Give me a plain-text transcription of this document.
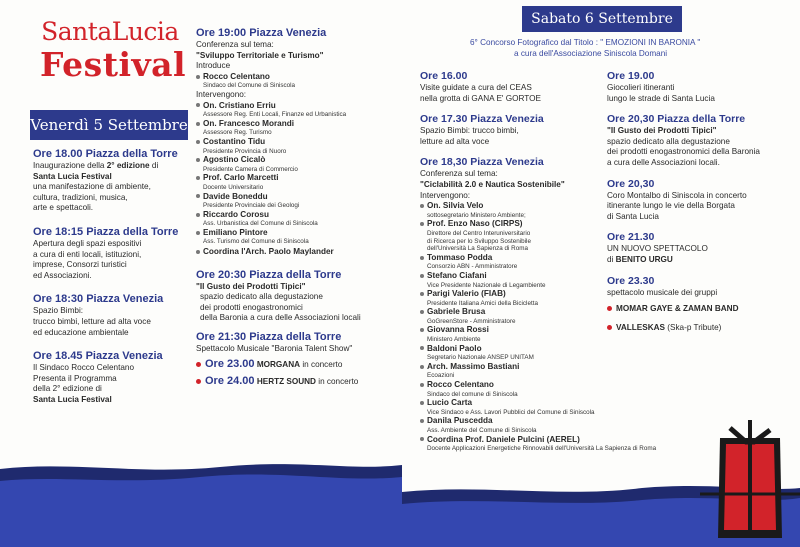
SantaLucia
Festival
Venerdì 5 Settembre
Ore 18.00 Piazza della Torre
Inaugurazione della 2° edizione di
Santa Lucia Festival
una manifestazione di ambiente,
cultura, tradizioni, musica,
arte e spettacoli.
Ore 18:15 Piazza della Torre
Apertura degli spazi espositivi
a cura di enti locali, istituzioni,
imprese, Consorzi turistici
ed Associazioni.
Ore 18:30 Piazza Venezia
Spazio Bimbi:
trucco bimbi, letture ad alta voce
ed educazione ambientale
Ore 18.45 Piazza Venezia
Il Sindaco Rocco Celentano
Presenta il Programma
della 2° edizione di
Santa Lucia Festival
Ore 19:00 Piazza Venezia
Conferenza sul tema:
"Sviluppo Territoriale e Turismo"
Introduce
Rocco Celentano
Sindaco del Comune di Siniscola
Intervengono:
On. Cristiano Erriu
Assessore Reg. Enti Locali, Finanze ed Urbanistica
On. Francesco Morandi
Assessore Reg. Turismo
Costantino Tidu
Presidente Provincia di Nuoro
Agostino Cicalò
Presidente Camera di Commercio
Prof. Carlo Marcetti
Docente Universitario
Davide Boneddu
Presidente Provinciale dei Geologi
Riccardo Corosu
Ass. Urbanistica del Comune di Siniscola
Emiliano Pintore
Ass. Turismo del Comune di Siniscola
Coordina l'Arch. Paolo Maylander
Ore 20:30 Piazza della Torre
"Il Gusto dei Prodotti Tipici"
spazio dedicato alla degustazione
dei prodotti enogastronomici
della Baronia a cura delle Associazioni locali
Ore 21:30 Piazza della Torre
Spettacolo Musicale "Baronia Talent Show"
Ore 23.00 MORGANA in concerto
Ore 24.00 HERTZ SOUND in concerto
Sabato 6 Settembre
6° Concorso Fotografico dal Titolo : " EMOZIONI IN BARONIA "
a cura dell'Associazione Siniscola Domani
Ore 16.00
Visite guidate a cura del CEAS
nella grotta di GANA E' GORTOE
Ore 17.30 Piazza Venezia
Spazio Bimbi: trucco bimbi,
letture ad alta voce
Ore 18,30 Piazza Venezia
Conferenza sul tema:
"Ciclabilità 2.0 e Nautica Sostenibile"
Intervengono:
On. Silvia Velo
sottosegretario Ministero Ambiente;
Prof. Enzo Naso (CIRPS)
Direttore del Centro Interuniversitario
di Ricerca per lo Sviluppo Sostenibile
dell'Università La Sapienza di Roma
Tommaso Podda
Consorzio ABN - Amministratore
Stefano Ciafani
Vice Presidente Nazionale di Legambiente
Parigi Valerio (FIAB)
Presidente Italiana Amici della Bicicletta
Gabriele Brusa
GoGreenStore - Amministratore
Giovanna Rossi
Ministero Ambiente
Baldoni Paolo
Segretario Nazionale ANSEP UNITAM
Arch. Massimo Bastiani
Ecoazioni
Rocco Celentano
Sindaco del comune di Siniscola
Lucio Carta
Vice Sindaco e Ass. Lavori Pubblici del Comune di Siniscola
Danila Puscedda
Ass. Ambiente del Comune di Siniscola
Coordina Prof. Daniele Pulcini (AEREL)
Docente Applicazioni Energetiche Rinnovabili dell'Università La Sapienza di Roma
Ore 19.00
Giocolieri itineranti
lungo le strade di Santa Lucia
Ore 20,30 Piazza della Torre
"Il Gusto dei Prodotti Tipici"
spazio dedicato alla degustazione
dei prodotti enogastronomici della Baronia
a cura delle Associazioni locali.
Ore 20,30
Coro Montalbo di Siniscola in concerto
itinerante lungo le vie della Borgata
di Santa Lucia
Ore 21.30
UN NUOVO SPETTACOLO
di BENITO URGU
Ore 23.30
spettacolo musicale dei gruppi
MOMAR GAYE & ZAMAN BAND
VALLESKAS (Ska-p Tribute)
